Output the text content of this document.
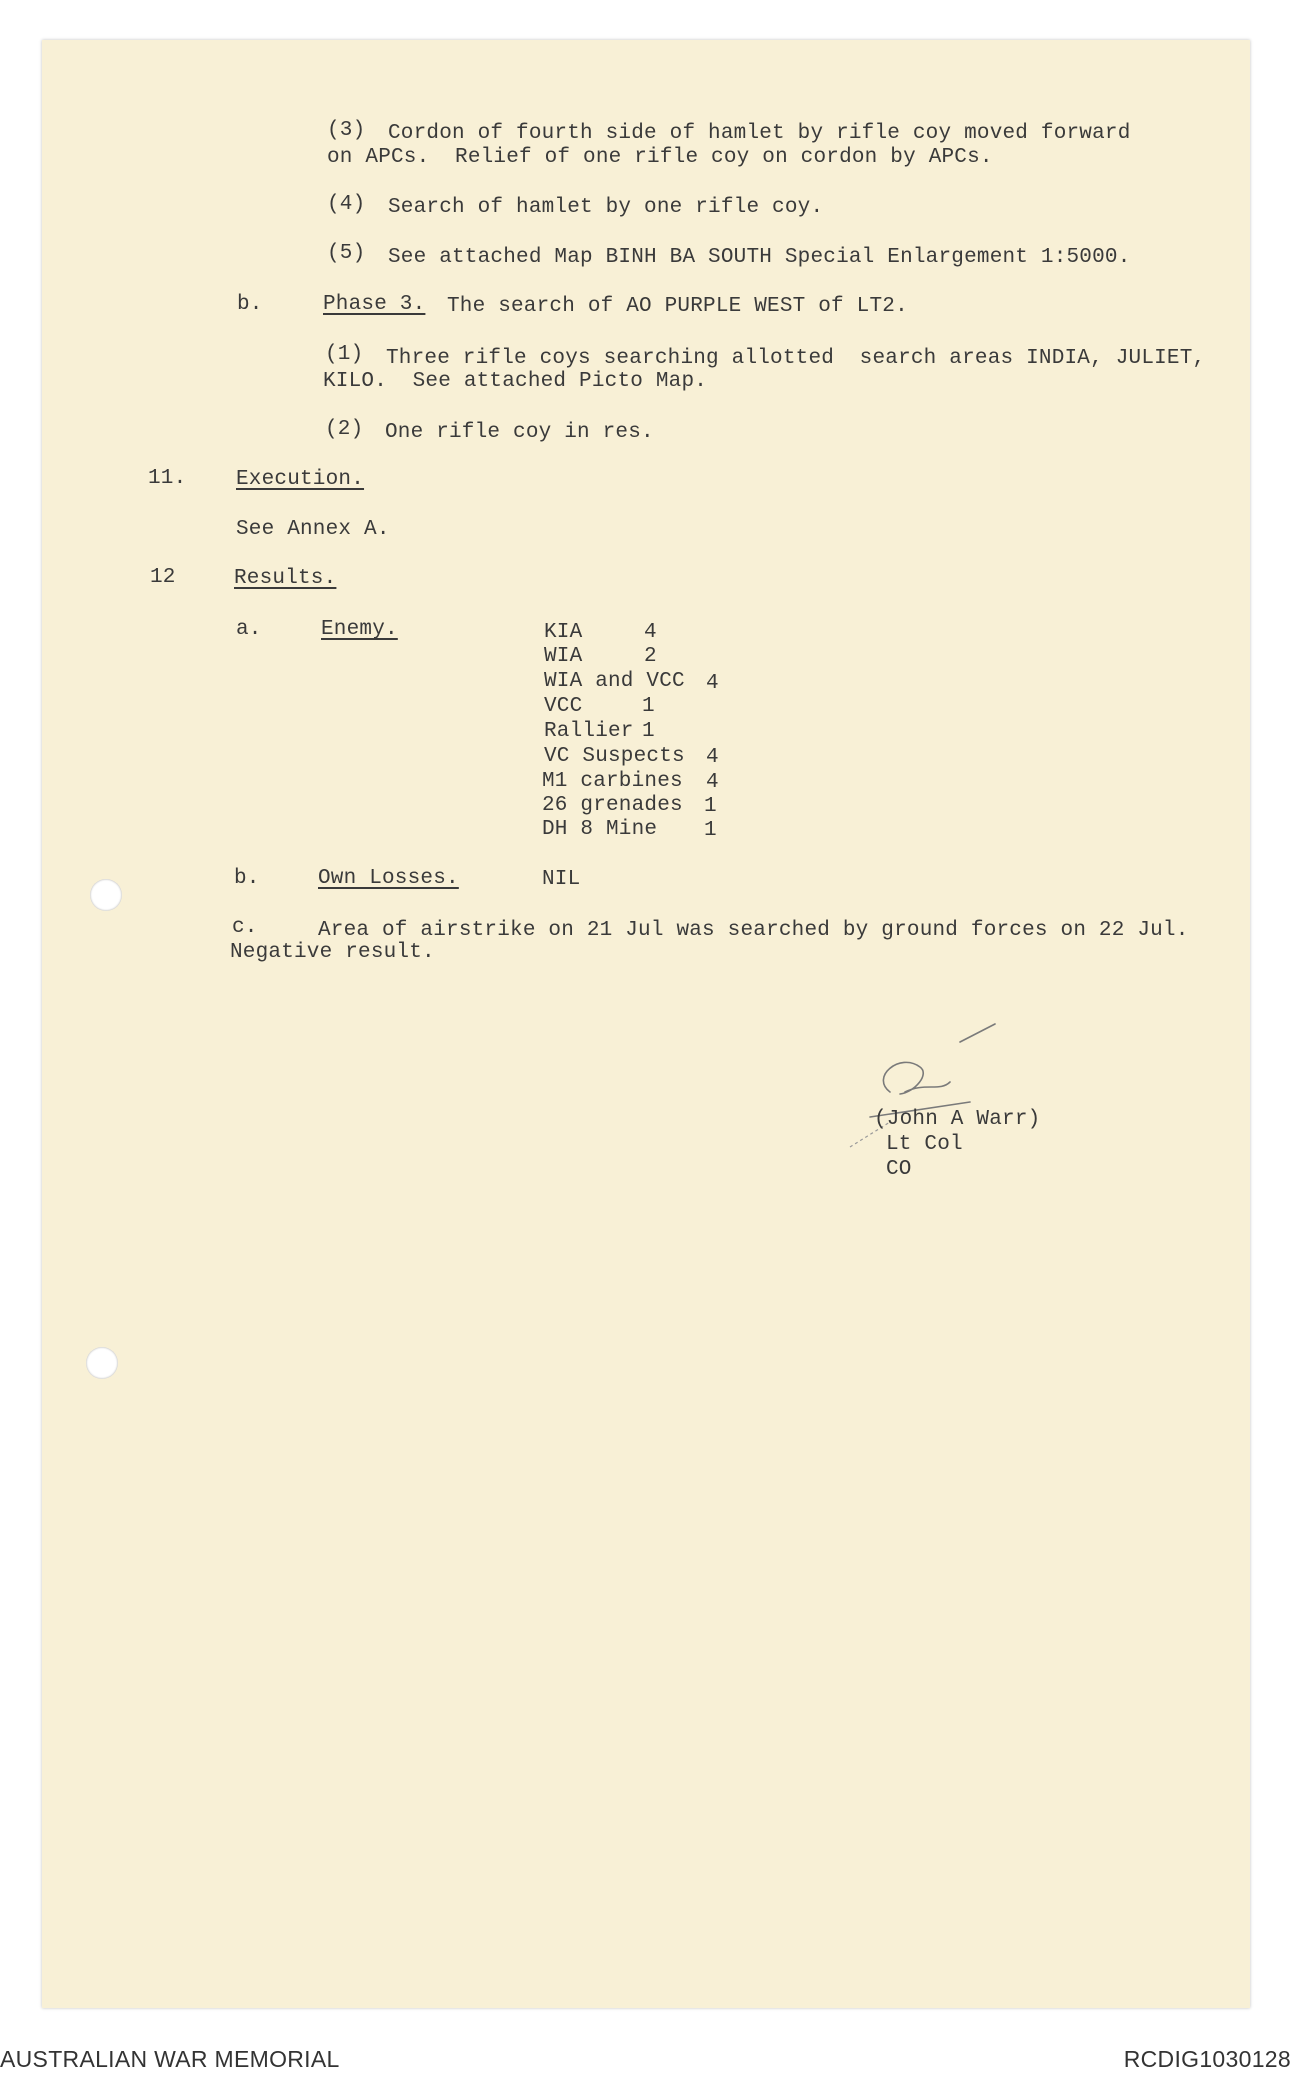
(3) Cordon of fourth side of hamlet by rifle coy moved forward
on APCs.  Relief of one rifle coy on cordon by APCs.
(4) Search of hamlet by one rifle coy.
(5) See attached Map BINH BA SOUTH Special Enlargement 1:5000.
b.	Phase 3. The search of AO PURPLE WEST of LT2.
(1) Three rifle coys searching allotted  search areas INDIA, JULIET,
KILO.  See attached Picto Map.
(2) One rifle coy in res.
11. Execution.
See Annex A.
12	Results.
a.	Enemy.	KIA	4
WIA	2
WIA and VCC 4
VCC	1
Rallier 1
VC Suspects 4
M1 carbines 4
26 grenades 1
DH 8 Mine 1
b.	Own Losses.	NIL
c.	Area of airstrike on 21 Jul was searched by ground forces on 22 Jul.
Negative result.
(John A Warr)
Lt Col
CO
AUSTRALIAN WAR MEMORIAL	RCDIG1030128
